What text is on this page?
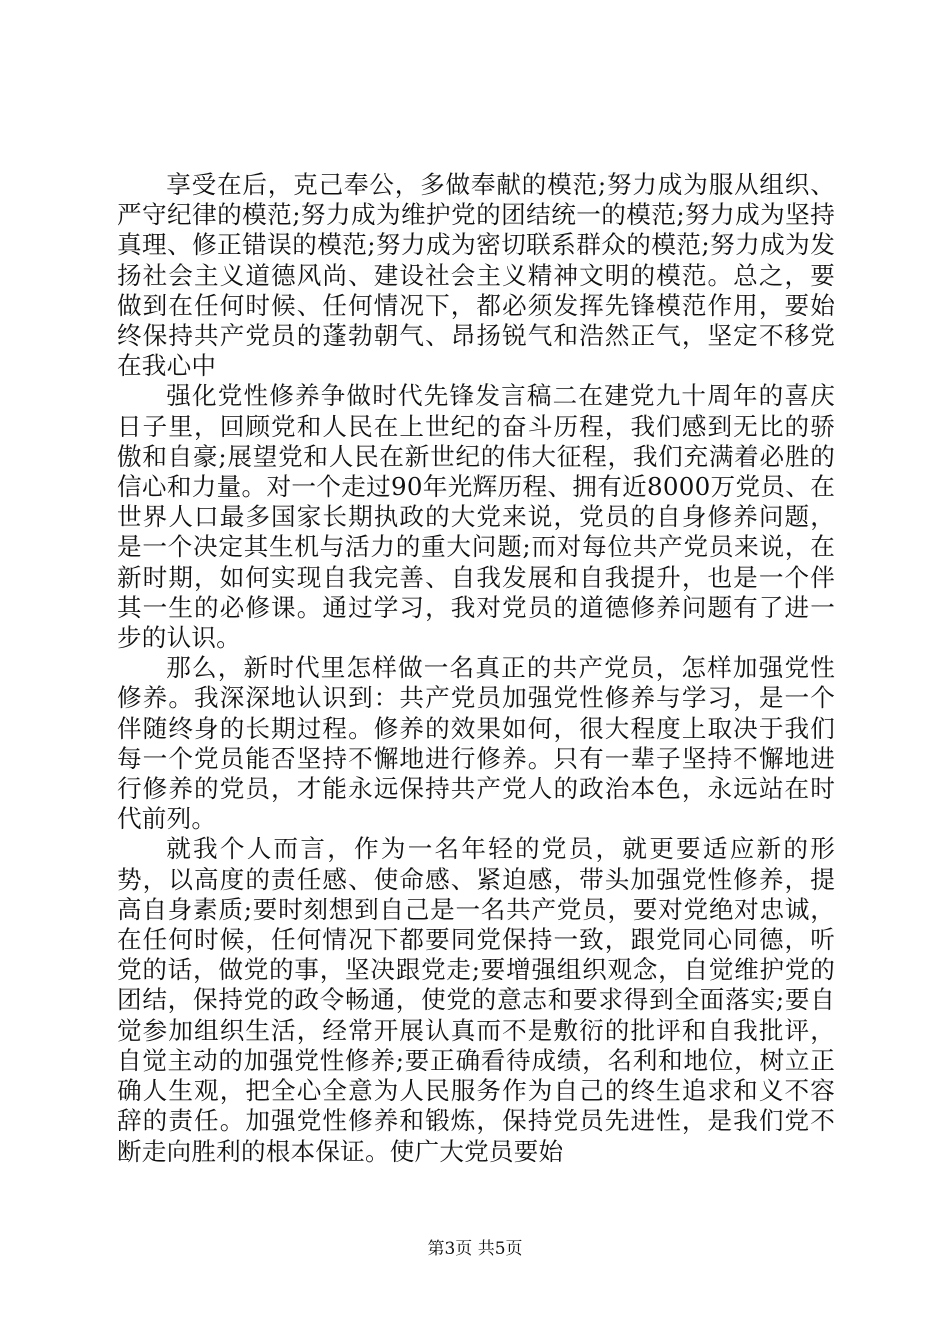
享受在后，克己奉公，多做奉献的模范;努力成为服从组织、严守纪律的模范;努力成为维护党的团结统一的模范;努力成为坚持真理、修正错误的模范;努力成为密切联系群众的模范;努力成为发扬社会主义道德风尚、建设社会主义精神文明的模范。总之，要做到在任何时候、任何情况下，都必须发挥先锋模范作用，要始终保持共产党员的蓬勃朝气、昂扬锐气和浩然正气，坚定不移党在我心中

强化党性修养争做时代先锋发言稿二在建党九十周年的喜庆日子里，回顾党和人民在上世纪的奋斗历程，我们感到无比的骄傲和自豪;展望党和人民在新世纪的伟大征程，我们充满着必胜的信心和力量。对一个走过90年光辉历程、拥有近8000万党员、在世界人口最多国家长期执政的大党来说，党员的自身修养问题，是一个决定其生机与活力的重大问题;而对每位共产党员来说，在新时期，如何实现自我完善、自我发展和自我提升，也是一个伴其一生的必修课。通过学习，我对党员的道德修养问题有了进一步的认识。

那么，新时代里怎样做一名真正的共产党员，怎样加强党性修养。我深深地认识到：共产党员加强党性修养与学习，是一个伴随终身的长期过程。修养的效果如何，很大程度上取决于我们每一个党员能否坚持不懈地进行修养。只有一辈子坚持不懈地进行修养的党员，才能永远保持共产党人的政治本色，永远站在时代前列。

就我个人而言，作为一名年轻的党员，就更要适应新的形势，以高度的责任感、使命感、紧迫感，带头加强党性修养，提高自身素质;要时刻想到自己是一名共产党员，要对党绝对忠诚，在任何时候，任何情况下都要同党保持一致，跟党同心同德，听党的话，做党的事，坚决跟党走;要增强组织观念，自觉维护党的团结，保持党的政令畅通，使党的意志和要求得到全面落实;要自觉参加组织生活，经常开展认真而不是敷衍的批评和自我批评，自觉主动的加强党性修养;要正确看待成绩，名利和地位，树立正确人生观，把全心全意为人民服务作为自己的终生追求和义不容辞的责任。加强党性修养和锻炼，保持党员先进性，是我们党不断走向胜利的根本保证。使广大党员要始

第3页 共5页
